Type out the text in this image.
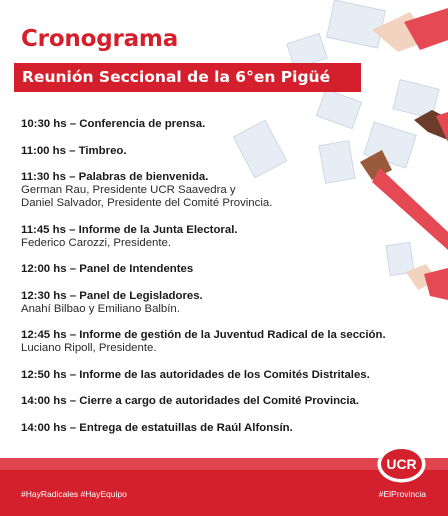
Cronograma
Reunión Seccional de la 6°en Pigüé
10:30 hs – Conferencia de prensa.
11:00 hs – Timbreo.
11:30 hs – Palabras de bienvenida.
German Rau, Presidente UCR Saavedra y
Daniel Salvador, Presidente del Comité Provincia.
11:45 hs – Informe de la Junta Electoral.
Federico Carozzi, Presidente.
12:00 hs – Panel de Intendentes
12:30 hs – Panel de Legisladores.
Anahí Bilbao y Emiliano Balbín.
12:45 hs – Informe de gestión de la Juventud Radical de la sección.
Luciano Ripoll, Presidente.
12:50 hs – Informe de las autoridades de los Comités Distritales.
14:00 hs – Cierre a cargo de autoridades del Comité Provincia.
14:00 hs – Entrega de estatuillas de Raúl Alfonsín.
UCR
#HayRadicales #HayEquipo	#ElProvincia
